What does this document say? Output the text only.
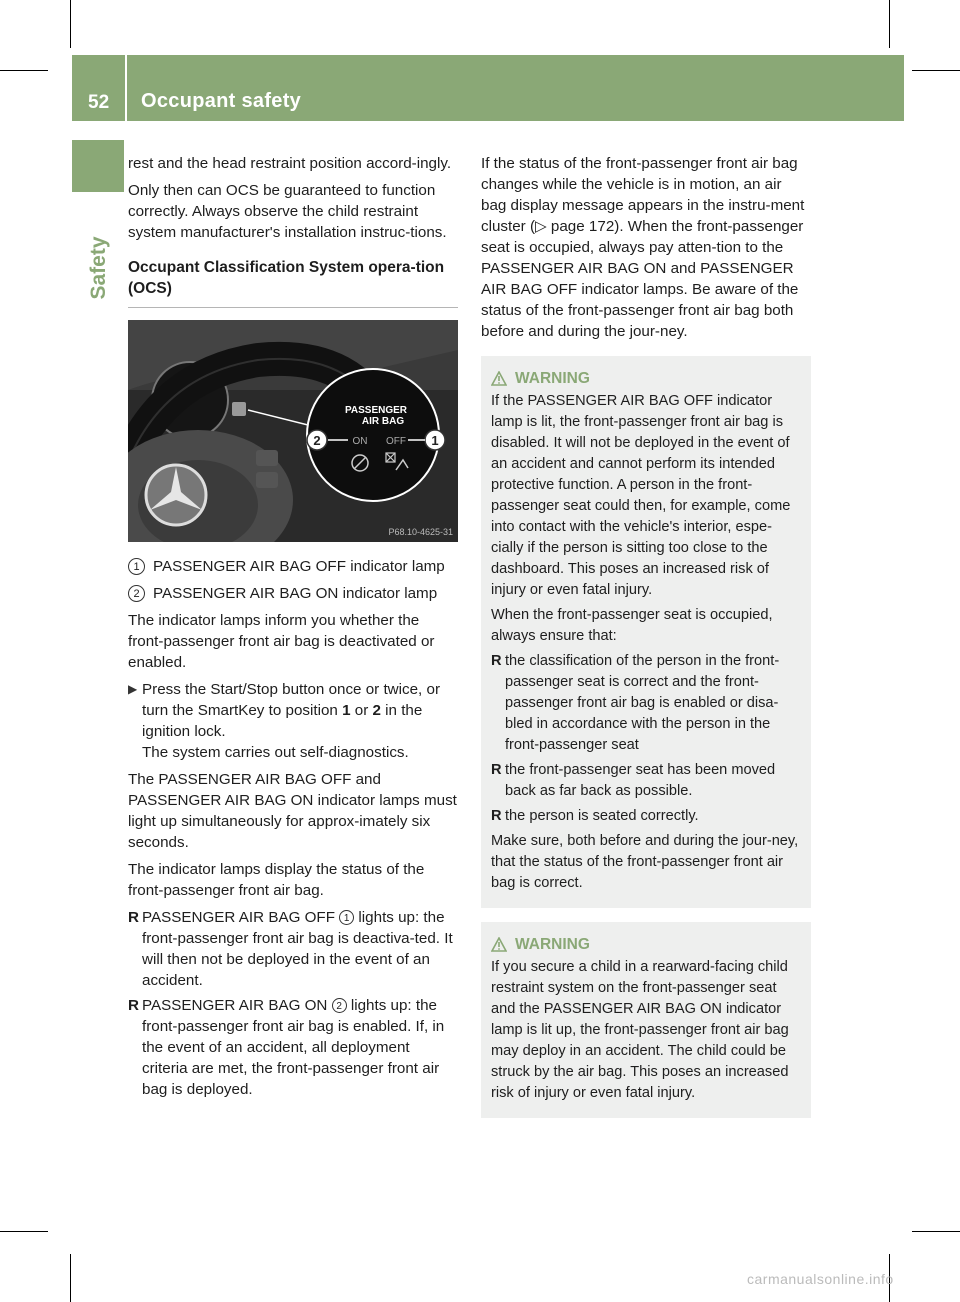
52 Occupant safety
Safety

rest and the head restraint position accord-ingly.

Only then can OCS be guaranteed to function correctly. Always observe the child restraint system manufacturer's installation instruc-tions.

Occupant Classification System opera-tion (OCS)
PASSENGER
AIR BAG
ON OFF
2	1
P68.10-4625-31
1 PASSENGER AIR BAG OFF indicator lamp
2 PASSENGER AIR BAG ON indicator lamp

The indicator lamps inform you whether the front-passenger front air bag is deactivated or enabled.

▶ Press the Start/Stop button once or twice, or turn the SmartKey to position 1 or 2 in the ignition lock.
The system carries out self-diagnostics.

The PASSENGER AIR BAG OFF and PASSENGER AIR BAG ON indicator lamps must light up simultaneously for approx-imately six seconds.

The indicator lamps display the status of the front-passenger front air bag.

R PASSENGER AIR BAG OFF 1 lights up: the front-passenger front air bag is deactiva-ted. It will then not be deployed in the event of an accident.
R PASSENGER AIR BAG ON 2 lights up: the front-passenger front air bag is enabled. If, in the event of an accident, all deployment criteria are met, the front-passenger front air bag is deployed.

If the status of the front-passenger front air bag changes while the vehicle is in motion, an air bag display message appears in the instru-ment cluster (▷ page 172). When the front-passenger seat is occupied, always pay atten-tion to the PASSENGER AIR BAG ON and PASSENGER AIR BAG OFF indicator lamps. Be aware of the status of the front-passenger front air bag both before and during the jour-ney.

WARNING

If the PASSENGER AIR BAG OFF indicator lamp is lit, the front-passenger front air bag is disabled. It will not be deployed in the event of an accident and cannot perform its intended protective function. A person in the front-passenger seat could then, for example, come into contact with the vehicle's interior, espe-cially if the person is sitting too close to the dashboard. This poses an increased risk of injury or even fatal injury.

When the front-passenger seat is occupied, always ensure that:

R the classification of the person in the front-passenger seat is correct and the front-passenger front air bag is enabled or disa-bled in accordance with the person in the front-passenger seat
R the front-passenger seat has been moved back as far back as possible.
R the person is seated correctly.

Make sure, both before and during the jour-ney, that the status of the front-passenger front air bag is correct.

WARNING

If you secure a child in a rearward-facing child restraint system on the front-passenger seat and the PASSENGER AIR BAG ON indicator lamp is lit up, the front-passenger front air bag may deploy in an accident. The child could be struck by the air bag. This poses an increased risk of injury or even fatal injury.

carmanualsonline.info
